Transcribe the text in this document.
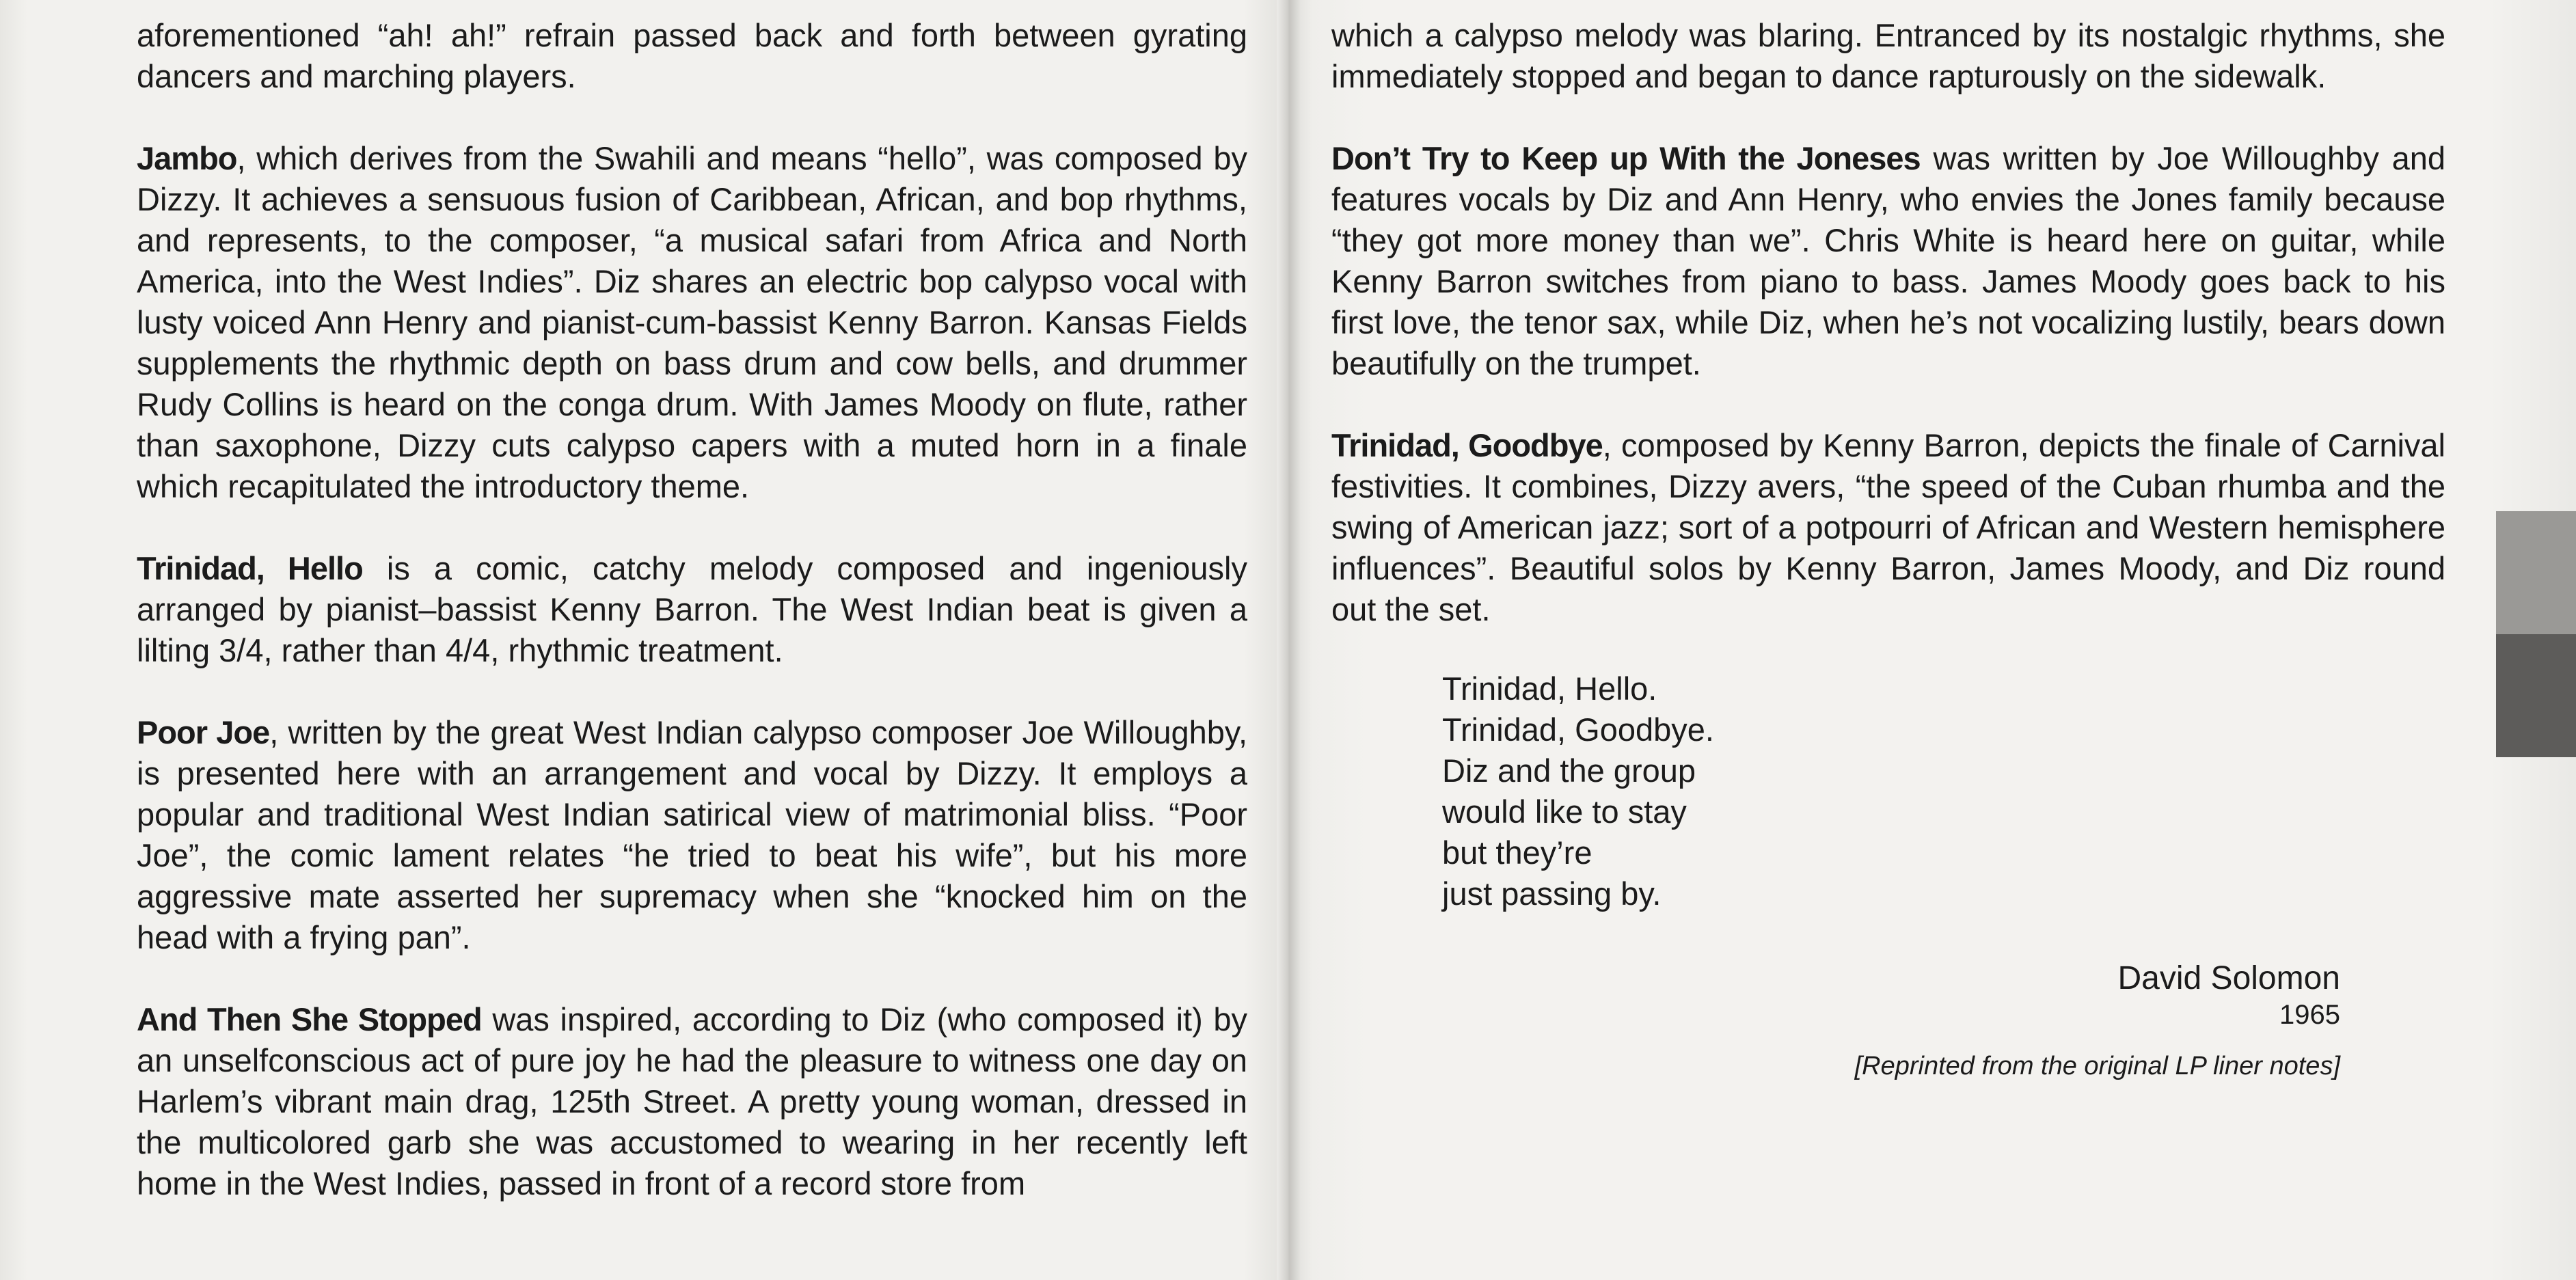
aforementioned “ah! ah!” refrain passed back and forth between gyrating dancers and marching players.

Jambo, which derives from the Swahili and means “hello”, was composed by Dizzy. It achieves a sensuous fusion of Caribbean, African, and bop rhythms, and represents, to the composer, “a musical safari from Africa and North America, into the West Indies”. Diz shares an electric bop calypso vocal with lusty voiced Ann Henry and pianist-cum-bassist Kenny Barron. Kansas Fields supplements the rhythmic depth on bass drum and cow bells, and drummer Rudy Collins is heard on the conga drum. With James Moody on flute, rather than saxophone, Dizzy cuts calypso capers with a muted horn in a finale which recapitulated the introductory theme.

Trinidad, Hello is a comic, catchy melody composed and ingeniously arranged by pianist–bassist Kenny Barron. The West Indian beat is given a lilting 3/4, rather than 4/4, rhythmic treatment.

Poor Joe, written by the great West Indian calypso composer Joe Willoughby, is presented here with an arrangement and vocal by Dizzy. It employs a popular and traditional West Indian satirical view of matrimonial bliss. “Poor Joe”, the comic lament relates “he tried to beat his wife”, but his more aggressive mate asserted her supremacy when she “knocked him on the head with a frying pan”.

And Then She Stopped was inspired, according to Diz (who composed it) by an unselfconscious act of pure joy he had the pleasure to witness one day on Harlem’s vibrant main drag, 125th Street. A pretty young woman, dressed in the multicolored garb she was accustomed to wearing in her recently left home in the West Indies, passed in front of a record store from

which a calypso melody was blaring. Entranced by its nostalgic rhythms, she immediately stopped and began to dance rapturously on the sidewalk.

Don’t Try to Keep up With the Joneses was written by Joe Willoughby and features vocals by Diz and Ann Henry, who envies the Jones family because “they got more money than we”. Chris White is heard here on guitar, while Kenny Barron switches from piano to bass. James Moody goes back to his first love, the tenor sax, while Diz, when he’s not vocalizing lustily, bears down beautifully on the trumpet.

Trinidad, Goodbye, composed by Kenny Barron, depicts the finale of Carnival festivities. It combines, Dizzy avers, “the speed of the Cuban rhumba and the swing of American jazz; sort of a potpourri of African and Western hemisphere influences”. Beautiful solos by Kenny Barron, James Moody, and Diz round out the set.

Trinidad, Hello.
Trinidad, Goodbye.
Diz and the group
would like to stay
but they’re
just passing by.
David Solomon
1965
[Reprinted from the original LP liner notes]
